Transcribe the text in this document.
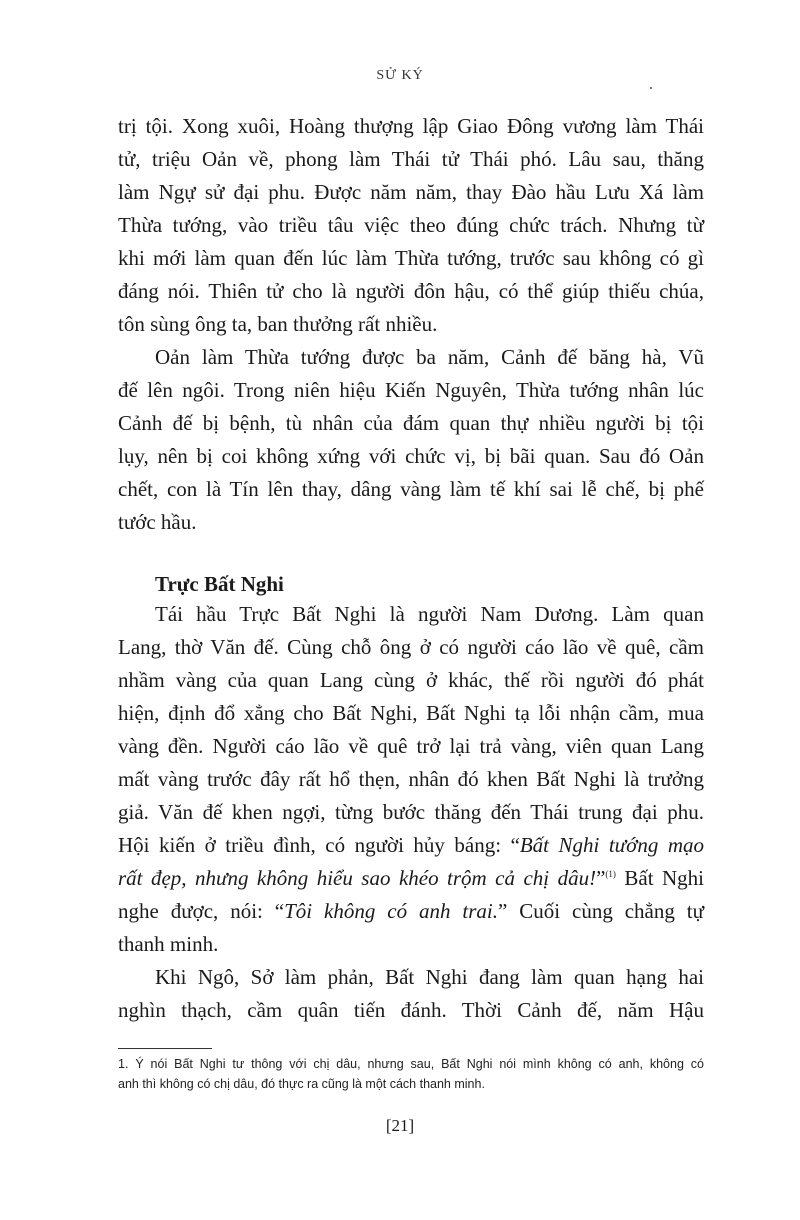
SỬ KÝ
trị tội. Xong xuôi, Hoàng thượng lập Giao Đông vương làm Thái
tử, triệu Oản về, phong làm Thái tử Thái phó. Lâu sau, thăng
làm Ngự sử đại phu. Được năm năm, thay Đào hầu Lưu Xá làm
Thừa tướng, vào triều tâu việc theo đúng chức trách. Nhưng từ
khi mới làm quan đến lúc làm Thừa tướng, trước sau không có gì
đáng nói. Thiên tử cho là người đôn hậu, có thể giúp thiếu chúa,
tôn sùng ông ta, ban thưởng rất nhiều.
Oản làm Thừa tướng được ba năm, Cảnh đế băng hà, Vũ
đế lên ngôi. Trong niên hiệu Kiến Nguyên, Thừa tướng nhân lúc
Cảnh đế bị bệnh, tù nhân của đám quan thự nhiều người bị tội
lụy, nên bị coi không xứng với chức vị, bị bãi quan. Sau đó Oản
chết, con là Tín lên thay, dâng vàng làm tế khí sai lễ chế, bị phế
tước hầu.
Trực Bất Nghi
Tái hầu Trực Bất Nghi là người Nam Dương. Làm quan
Lang, thờ Văn đế. Cùng chỗ ông ở có người cáo lão về quê, cầm
nhầm vàng của quan Lang cùng ở khác, thế rồi người đó phát
hiện, định đổ xẳng cho Bất Nghi, Bất Nghi tạ lỗi nhận cầm, mua
vàng đền. Người cáo lão về quê trở lại trả vàng, viên quan Lang
mất vàng trước đây rất hổ thẹn, nhân đó khen Bất Nghi là trưởng
giả. Văn đế khen ngợi, từng bước thăng đến Thái trung đại phu.
Hội kiến ở triều đình, có người hủy báng: “Bất Nghi tướng mạo
rất đẹp, nhưng không hiểu sao khéo trộm cả chị dâu!”$^{(1)}$ Bất Nghi
nghe được, nói: “Tôi không có anh trai.” Cuối cùng chẳng tự
thanh minh.
Khi Ngô, Sở làm phản, Bất Nghi đang làm quan hạng hai
nghìn thạch, cầm quân tiến đánh. Thời Cảnh đế, năm Hậu
1. Ý nói Bất Nghi tư thông với chị dâu, nhưng sau, Bất Nghi nói mình không có anh, không có
anh thì không có chị dâu, đó thực ra cũng là một cách thanh minh.
[21]
